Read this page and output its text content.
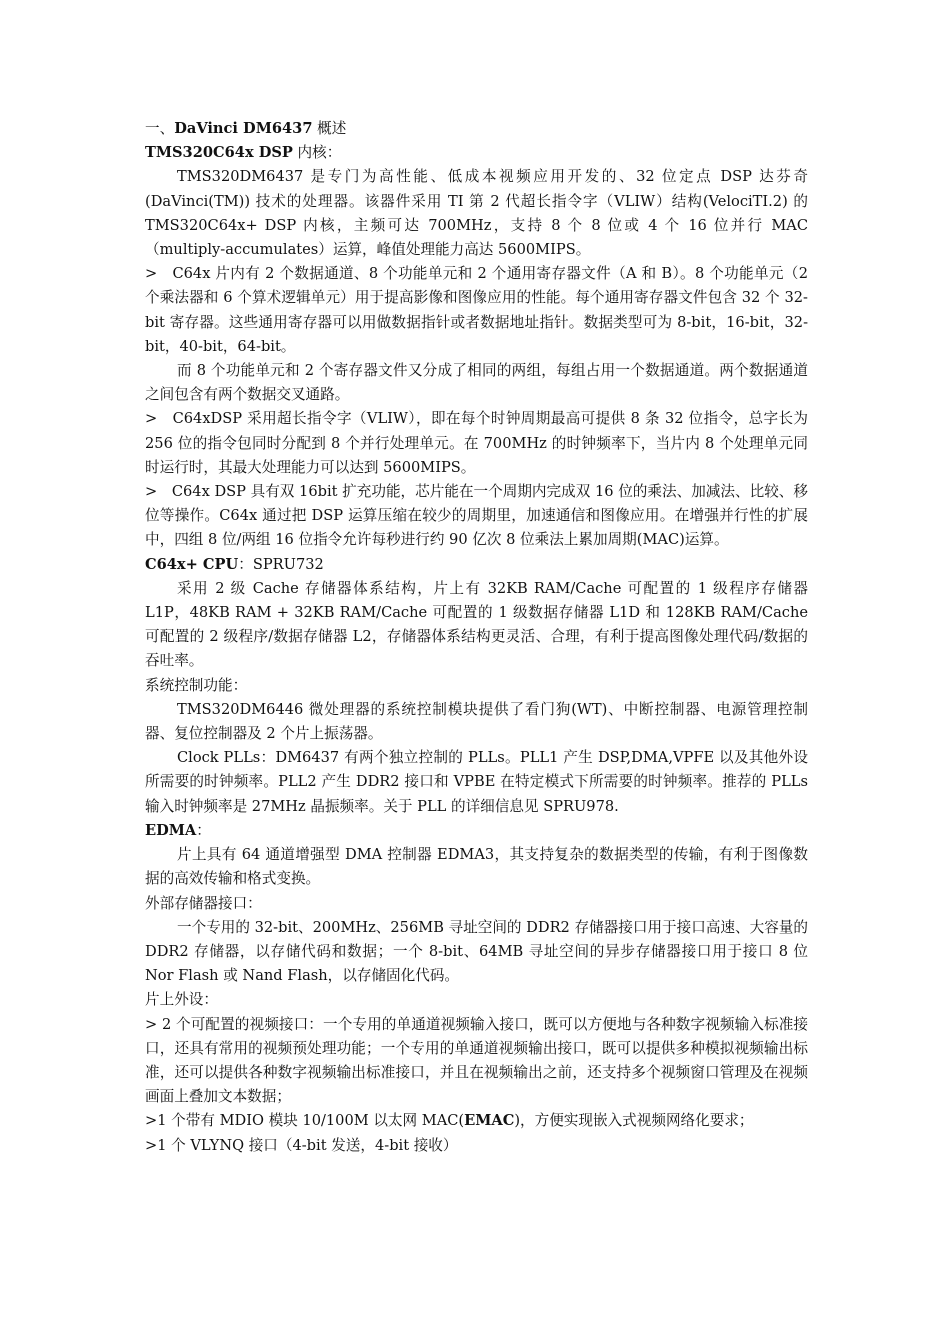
一、DaVinci DM6437 概述

TMS320C64x DSP 内核：

TMS320DM6437 是专门为高性能、低成本视频应用开发的、32 位定点 DSP 达芬奇(DaVinci(TM)) 技术的处理器。该器件采用 TI 第 2 代超长指令字（VLIW）结构(VelociTI.2) 的 TMS320C64x+ DSP 内核，主频可达 700MHz，支持 8 个 8 位或 4 个 16 位并行 MAC（multiply-accumulates）运算，峰值处理能力高达 5600MIPS。

>　C64x 片内有 2 个数据通道、8 个功能单元和 2 个通用寄存器文件（A 和 B）。8 个功能单元（2 个乘法器和 6 个算术逻辑单元）用于提高影像和图像应用的性能。每个通用寄存器文件包含 32 个 32-bit 寄存器。这些通用寄存器可以用做数据指针或者数据地址指针。数据类型可为 8-bit，16-bit，32-bit，40-bit，64-bit。

而 8 个功能单元和 2 个寄存器文件又分成了相同的两组，每组占用一个数据通道。两个数据通道之间包含有两个数据交叉通路。

>　C64xDSP 采用超长指令字（VLIW），即在每个时钟周期最高可提供 8 条 32 位指令，总字长为 256 位的指令包同时分配到 8 个并行处理单元。在 700MHz 的时钟频率下，当片内 8 个处理单元同时运行时，其最大处理能力可以达到 5600MIPS。

>　C64x DSP 具有双 16bit 扩充功能，芯片能在一个周期内完成双 16 位的乘法、加减法、比较、移位等操作。C64x 通过把 DSP 运算压缩在较少的周期里，加速通信和图像应用。在增强并行性的扩展中，四组 8 位/两组 16 位指令允许每秒进行约 90 亿次 8 位乘法上累加周期(MAC)运算。

C64x+ CPU：SPRU732

采用 2 级 Cache 存储器体系结构，片上有 32KB RAM/Cache 可配置的 1 级程序存储器 L1P，48KB RAM + 32KB RAM/Cache 可配置的 1 级数据存储器 L1D 和 128KB RAM/Cache 可配置的 2 级程序/数据存储器 L2，存储器体系结构更灵活、合理，有利于提高图像处理代码/数据的吞吐率。

系统控制功能：

TMS320DM6446 微处理器的系统控制模块提供了看门狗(WT)、中断控制器、电源管理控制器、复位控制器及 2 个片上振荡器。

Clock PLLs：DM6437 有两个独立控制的 PLLs。PLL1 产生 DSP,DMA,VPFE 以及其他外设所需要的时钟频率。PLL2 产生 DDR2 接口和 VPBE 在特定模式下所需要的时钟频率。推荐的 PLLs 输入时钟频率是 27MHz 晶振频率。关于 PLL 的详细信息见 SPRU978.

EDMA：

片上具有 64 通道增强型 DMA 控制器 EDMA3，其支持复杂的数据类型的传输，有利于图像数据的高效传输和格式变换。

外部存储器接口：

一个专用的 32-bit、200MHz、256MB 寻址空间的 DDR2 存储器接口用于接口高速、大容量的 DDR2 存储器，以存储代码和数据；一个 8-bit、64MB 寻址空间的异步存储器接口用于接口 8 位 Nor Flash 或 Nand Flash，以存储固化代码。

片上外设：

> 2 个可配置的视频接口：一个专用的单通道视频输入接口，既可以方便地与各种数字视频输入标准接口，还具有常用的视频预处理功能；一个专用的单通道视频输出接口，既可以提供多种模拟视频输出标准，还可以提供各种数字视频输出标准接口，并且在视频输出之前，还支持多个视频窗口管理及在视频画面上叠加文本数据；

>1 个带有 MDIO 模块 10/100M 以太网 MAC(EMAC)，方便实现嵌入式视频网络化要求；

>1 个 VLYNQ 接口（4-bit 发送，4-bit 接收）
